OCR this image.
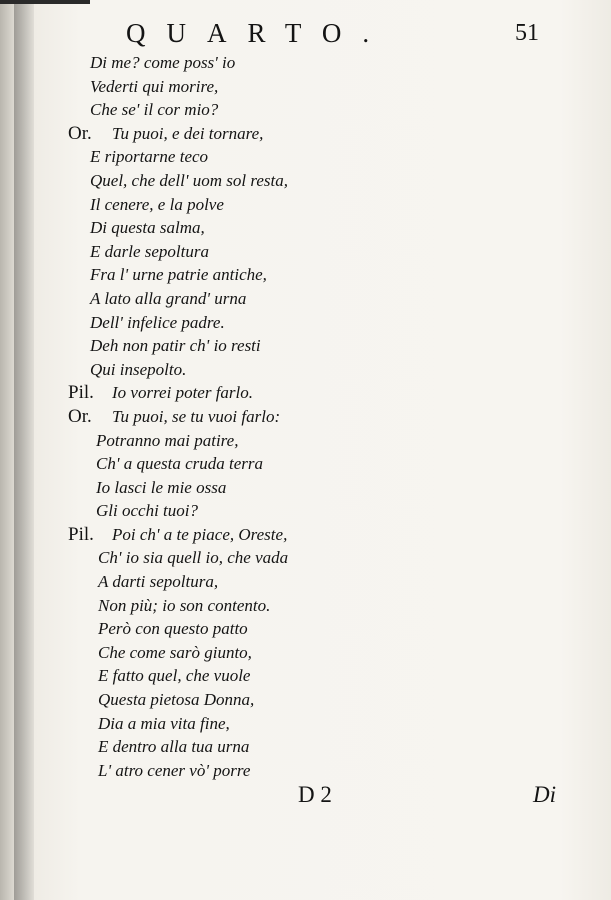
QUARTO.	51
Di me? come poss' io
Vederti qui morire,
Che se' il cor mio?
Or. Tu puoi, e dei tornare,
E riportarne teco
Quel, che dell' uom sol resta,
Il cenere, e la polve
Di questa salma,
E darle sepoltura
Fra l' urne patrie antiche,
A lato alla grand' urna
Dell' infelice padre.
Deh non patir ch' io resti
Qui insepolto.
Pil. Io vorrei poter farlo.
Or. Tu puoi, se tu vuoi farlo:
Potranno mai patire,
Ch' a questa cruda terra
Io lasci le mie ossa
Gli occhi tuoi?
Pil. Poi ch' a te piace, Oreste,
Ch' io sia quell io, che vada
A darti sepoltura,
Non più; io son contento.
Però con questo patto
Che come sarò giunto,
E fatto quel, che vuole
Questa pietosa Donna,
Dia a mia vita fine,
E dentro alla tua urna
L' atro cener vò' porre
D 2	Di
